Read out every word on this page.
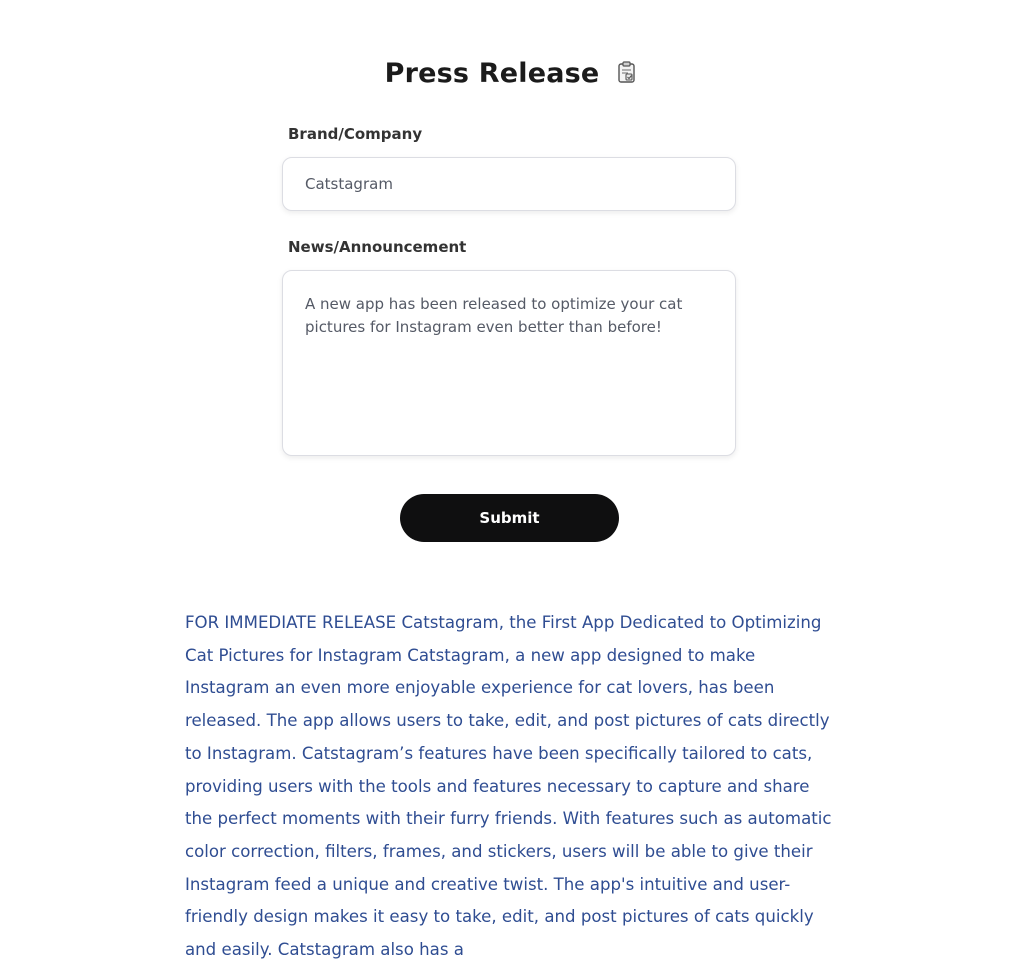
Press Release
Brand/Company
Catstagram
News/Announcement
A new app has been released to optimize your cat pictures for Instagram even better than before!
Submit
FOR IMMEDIATE RELEASE Catstagram, the First App Dedicated to Optimizing Cat Pictures for Instagram Catstagram, a new app designed to make Instagram an even more enjoyable experience for cat lovers, has been released. The app allows users to take, edit, and post pictures of cats directly to Instagram. Catstagram’s features have been specifically tailored to cats, providing users with the tools and features necessary to capture and share the perfect moments with their furry friends. With features such as automatic color correction, filters, frames, and stickers, users will be able to give their Instagram feed a unique and creative twist. The app's intuitive and user-friendly design makes it easy to take, edit, and post pictures of cats quickly and easily. Catstagram also has a
